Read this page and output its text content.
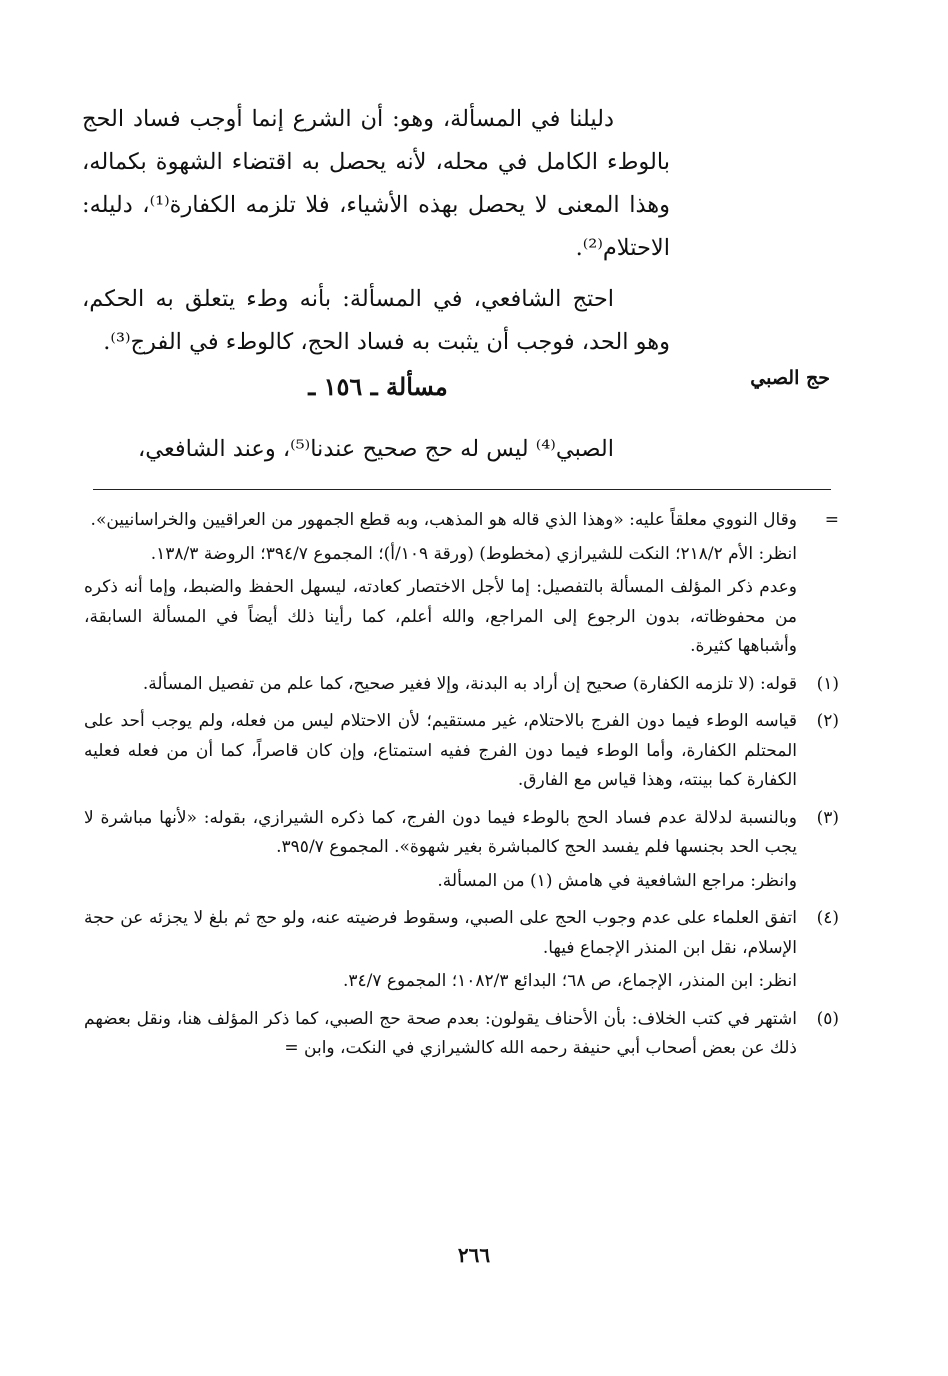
دليلنا في المسألة، وهو: أن الشرع إنما أوجب فساد الحج بالوطء الكامل في محله، لأنه يحصل به اقتضاء الشهوة بكماله، وهذا المعنى لا يحصل بهذه الأشياء، فلا تلزمه الكفارة⁽¹⁾، دليله: الاحتلام⁽²⁾.

احتج الشافعي، في المسألة: بأنه وطء يتعلق به الحكم، وهو الحد، فوجب أن يثبت به فساد الحج، كالوطء في الفرج⁽³⁾.

حج الصبي
مسألة ـ ١٥٦ ـ

الصبي⁽⁴⁾ ليس له حج صحيح عندنا⁽⁵⁾، وعند الشافعي،

=

وقال النووي معلقاً عليه: «وهذا الذي قاله هو المذهب، وبه قطع الجمهور من العراقيين والخراسانيين».

انظر: الأم ٢١٨/٢؛ النكت للشيرازي (مخطوط) (ورقة ١٠٩/أ)؛ المجموع ٣٩٤/٧؛ الروضة ١٣٨/٣.

وعدم ذكر المؤلف المسألة بالتفصيل: إما لأجل الاختصار كعادته، ليسهل الحفظ والضبط، وإما أنه ذكره من محفوظاته، بدون الرجوع إلى المراجع، والله أعلم، كما رأينا ذلك أيضاً في المسألة السابقة، وأشباهها كثيرة.

(١)

قوله: (لا تلزمه الكفارة) صحيح إن أراد به البدنة، وإلا فغير صحيح، كما علم من تفصيل المسألة.

(٢)

قياسه الوطء فيما دون الفرج بالاحتلام، غير مستقيم؛ لأن الاحتلام ليس من فعله، ولم يوجب أحد على المحتلم الكفارة، وأما الوطء فيما دون الفرج ففيه استمتاع، وإن كان قاصراً، كما أن من فعله فعليه الكفارة كما بينته، وهذا قياس مع الفارق.

(٣)

وبالنسبة لدلالة عدم فساد الحج بالوطء فيما دون الفرج، كما ذكره الشيرازي، بقوله: «لأنها مباشرة لا يجب الحد بجنسها فلم يفسد الحج كالمباشرة بغير شهوة». المجموع ٣٩٥/٧.

وانظر: مراجع الشافعية في هامش (١) من المسألة.

(٤)

اتفق العلماء على عدم وجوب الحج على الصبي، وسقوط فرضيته عنه، ولو حج ثم بلغ لا يجزئه عن حجة الإسلام، نقل ابن المنذر الإجماع فيها.

انظر: ابن المنذر، الإجماع، ص ٦٨؛ البدائع ١٠٨٢/٣؛ المجموع ٣٤/٧.

(٥)

اشتهر في كتب الخلاف: بأن الأحناف يقولون: بعدم صحة حج الصبي، كما ذكر المؤلف هنا، ونقل بعضهم ذلك عن بعض أصحاب أبي حنيفة رحمه الله كالشيرازي في النكت، وابن =

٢٦٦
